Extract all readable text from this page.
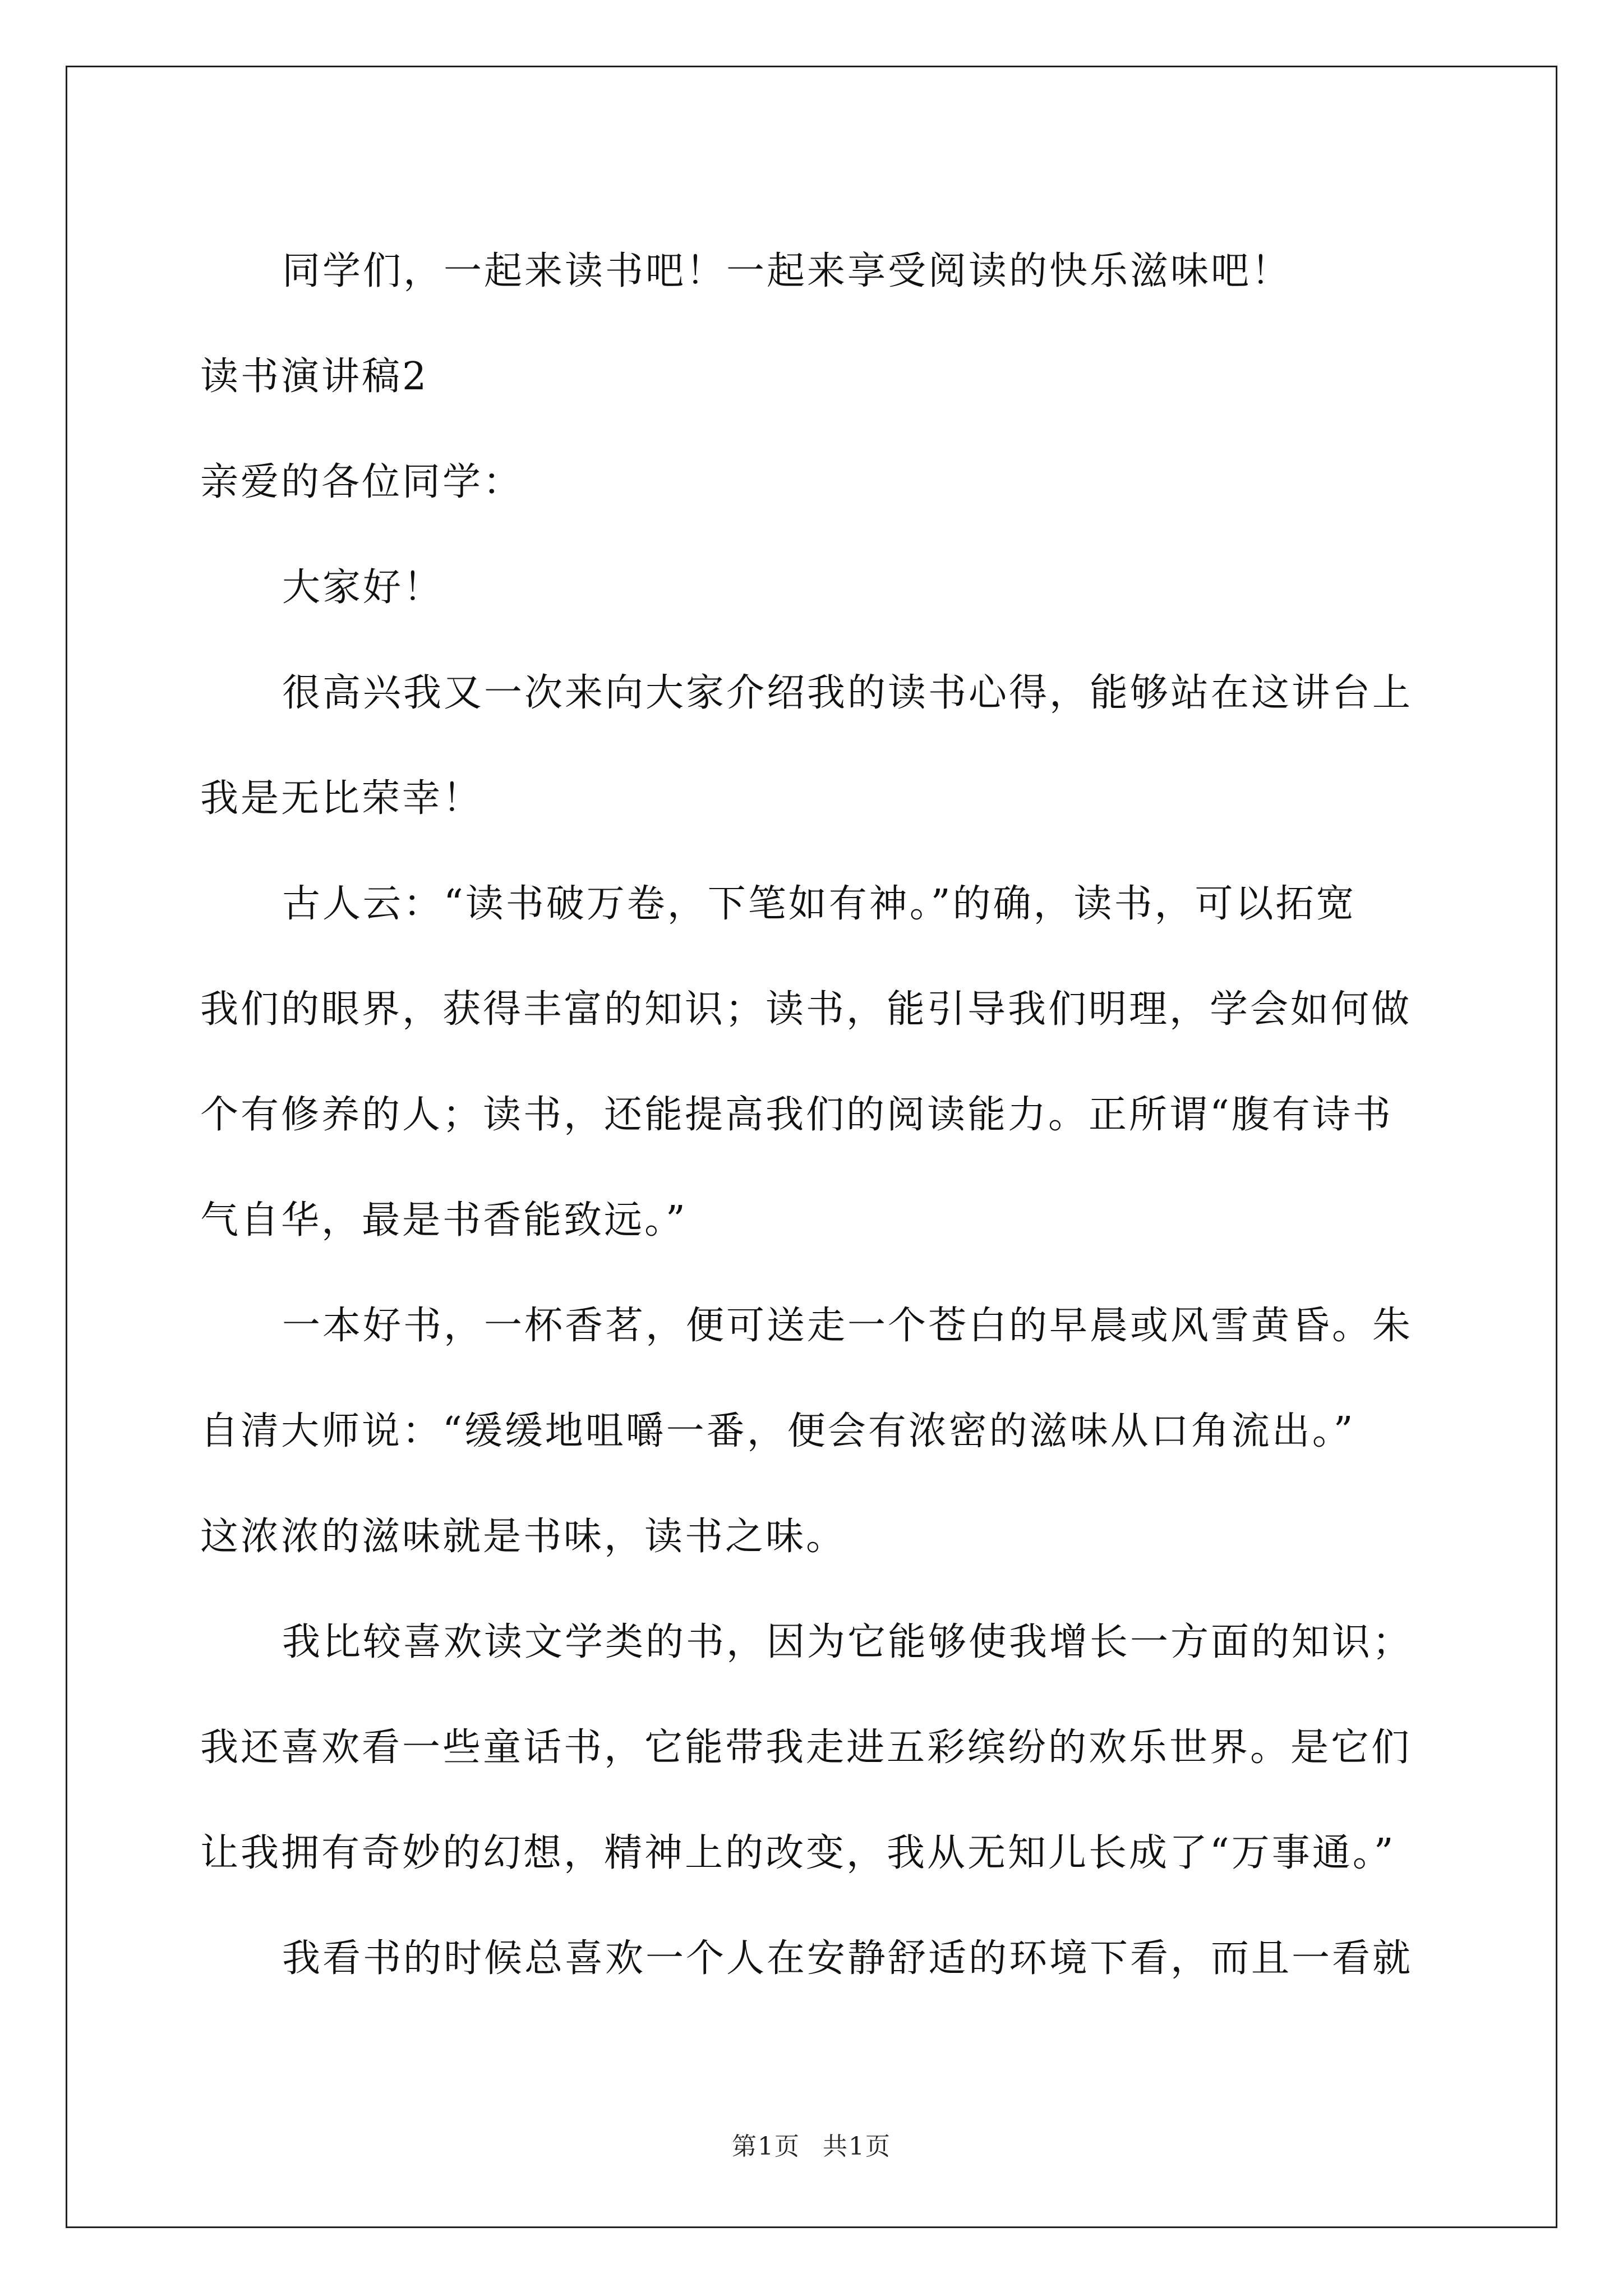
同学们，一起来读书吧！一起来享受阅读的快乐滋味吧！
读书演讲稿2
亲爱的各位同学：
大家好！
很高兴我又一次来向大家介绍我的读书心得，能够站在这讲台上
我是无比荣幸！
古人云：“读书破万卷，下笔如有神。”的确，读书，可以拓宽
我们的眼界，获得丰富的知识；读书，能引导我们明理，学会如何做
个有修养的人；读书，还能提高我们的阅读能力。正所谓“腹有诗书
气自华，最是书香能致远。”
一本好书，一杯香茗，便可送走一个苍白的早晨或风雪黄昏。朱
自清大师说：“缓缓地咀嚼一番，便会有浓密的滋味从口角流出。”
这浓浓的滋味就是书味，读书之味。
我比较喜欢读文学类的书，因为它能够使我增长一方面的知识；
我还喜欢看一些童话书，它能带我走进五彩缤纷的欢乐世界。是它们
让我拥有奇妙的幻想，精神上的改变，我从无知儿长成了“万事通。”
我看书的时候总喜欢一个人在安静舒适的环境下看，而且一看就
第1页 共1页
